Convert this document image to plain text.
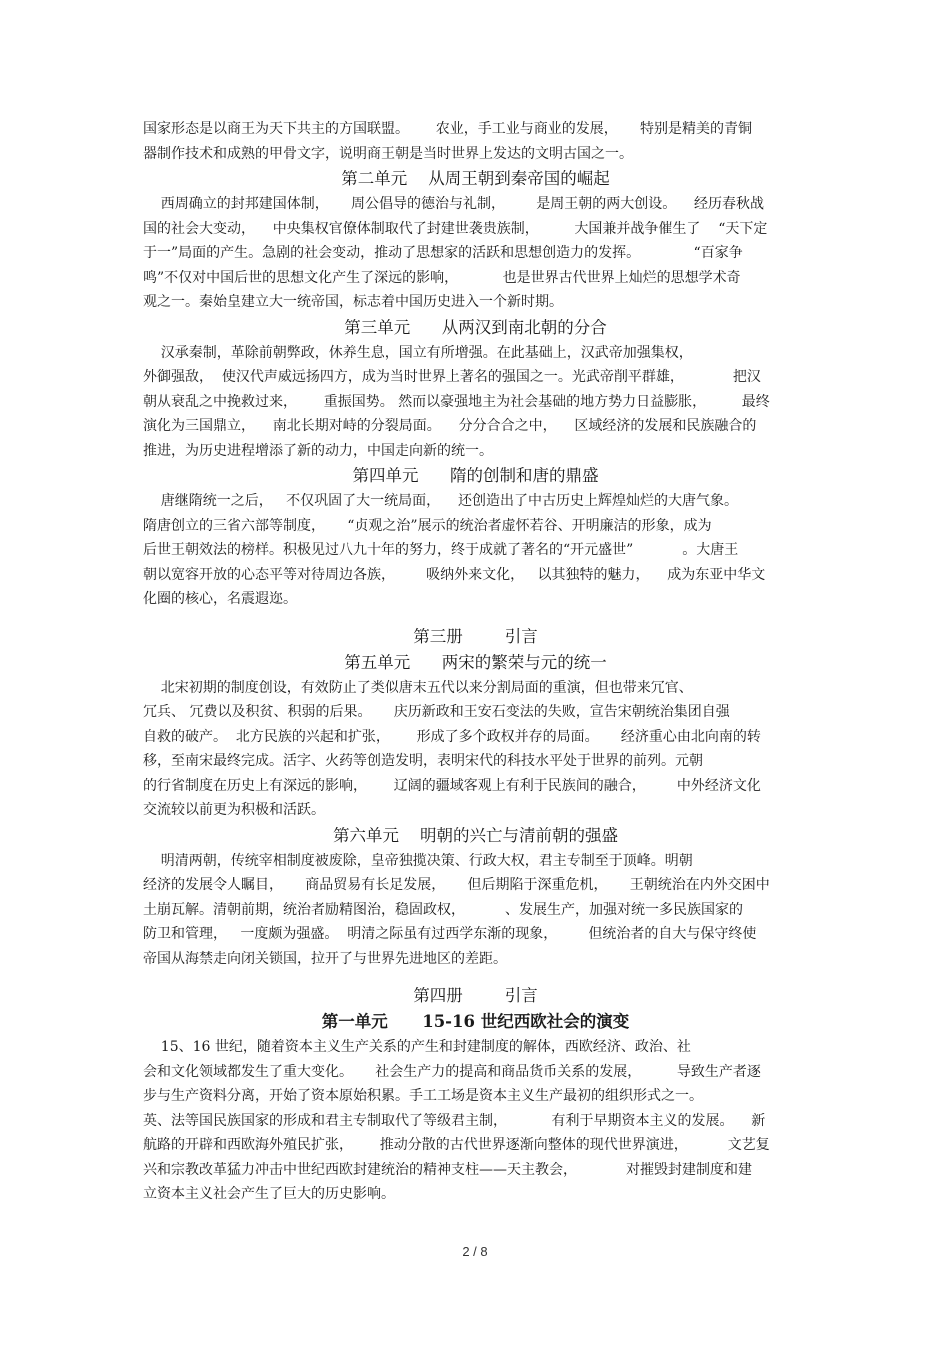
国家形态是以商王为天下共主的方国联盟。      农业，手工业与商业的发展，     特别是精美的青铜
器制作技术和成熟的甲骨文字，说明商王朝是当时世界上发达的文明古国之一。
第二单元    从周王朝到秦帝国的崛起
西周确立的封邦建国体制，     周公倡导的德治与礼制，       是周王朝的两大创设。    经历春秋战
国的社会大变动，    中央集权官僚体制取代了封建世袭贵族制，        大国兼并战争催生了    “天下定
于一”局面的产生。急剧的社会变动，推动了思想家的活跃和思想创造力的发挥。            “百家争
鸣”不仅对中国后世的思想文化产生了深远的影响，          也是世界古代世界上灿烂的思想学术奇
观之一。秦始皇建立大一统帝国，标志着中国历史进入一个新时期。
第三单元      从两汉到南北朝的分合
汉承秦制，革除前朝弊政，休养生息，国立有所增强。在此基础上，汉武帝加强集权，
外御强敌，  使汉代声威远扬四方，成为当时世界上著名的强国之一。光武帝削平群雄，           把汉
朝从衰乱之中挽救过来，      重振国势。 然而以豪强地主为社会基础的地方势力日益膨胀，        最终
演化为三国鼎立，    南北长期对峙的分裂局面。    分分合合之中，    区域经济的发展和民族融合的
推进，为历史进程增添了新的动力，中国走向新的统一。
第四单元      隋的创制和唐的鼎盛
唐继隋统一之后，   不仅巩固了大一统局面，    还创造出了中古历史上辉煌灿烂的大唐气象。
隋唐创立的三省六部等制度，     “贞观之治”展示的统治者虚怀若谷、开明廉洁的形象，成为
后世王朝效法的榜样。积极见过八九十年的努力，终于成就了著名的“开元盛世”           。大唐王
朝以宽容开放的心态平等对待周边各族，       吸纳外来文化，   以其独特的魅力，    成为东亚中华文
化圈的核心，名震遐迩。
第三册        引言
第五单元      两宋的繁荣与元的统一
北宋初期的制度创设，有效防止了类似唐末五代以来分割局面的重演，但也带来冗官、
冗兵、 冗费以及积贫、积弱的后果。     庆历新政和王安石变法的失败，宣告宋朝统治集团自强
自救的破产。  北方民族的兴起和扩张，      形成了多个政权并存的局面。     经济重心由北向南的转
移，至南宋最终完成。活字、火药等创造发明，表明宋代的科技水平处于世界的前列。元朝
的行省制度在历史上有深远的影响，      辽阔的疆域客观上有利于民族间的融合，       中外经济文化
交流较以前更为积极和活跃。
第六单元    明朝的兴亡与清前朝的强盛
明清两朝，传统宰相制度被废除，皇帝独揽决策、行政大权，君主专制至于顶峰。明朝
经济的发展令人瞩目，     商品贸易有长足发展，     但后期陷于深重危机，     王朝统治在内外交困中
土崩瓦解。清朝前期，统治者励精图治，稳固政权，         、发展生产，加强对统一多民族国家的
防卫和管理，   一度颇为强盛。  明清之际虽有过西学东渐的现象，       但统治者的自大与保守终使
帝国从海禁走向闭关锁国，拉开了与世界先进地区的差距。
第四册        引言
第一单元      15-16 世纪西欧社会的演变
15、16 世纪，随着资本主义生产关系的产生和封建制度的解体，西欧经济、政治、社
会和文化领域都发生了重大变化。     社会生产力的提高和商品货币关系的发展，        导致生产者逐
步与生产资料分离，开始了资本原始积累。手工工场是资本主义生产最初的组织形式之一。
英、法等国民族国家的形成和君主专制取代了等级君主制，          有利于早期资本主义的发展。    新
航路的开辟和西欧海外殖民扩张，      推动分散的古代世界逐渐向整体的现代世界演进，         文艺复
兴和宗教改革猛力冲击中世纪西欧封建统治的精神支柱——天主教会，           对摧毁封建制度和建
立资本主义社会产生了巨大的历史影响。
2 / 8
